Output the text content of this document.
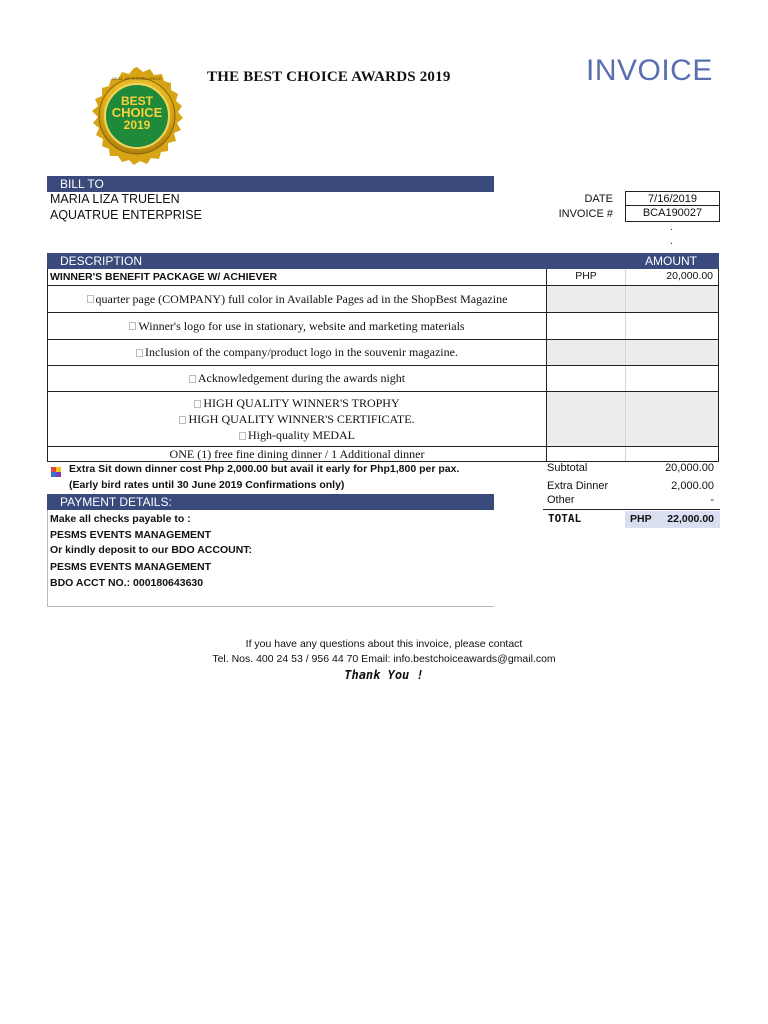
SEAL OF EXCELLENCE
BEST
CHOICE
2019
THE BEST CHOICE AWARDS 2019	INVOICE
BILL TO
MARIA LIZA TRUELEN
AQUATRUE ENTERPRISE
DATE	7/16/2019
INVOICE #	BCA190027
.
.
DESCRIPTION	AMOUNT
WINNER'S BENEFIT PACKAGE W/ ACHIEVER	PHP	20,000.00
quarter page (COMPANY) full color in Available Pages ad in the ShopBest Magazine
Winner's logo for use in stationary, website and marketing materials
Inclusion of the company/product logo in the souvenir magazine.
Acknowledgement during the awards night
HIGH QUALITY WINNER'S TROPHY
HIGH QUALITY WINNER'S CERTIFICATE.
High-quality MEDAL
ONE (1) free fine dining dinner / 1 Additional dinner
Extra Sit down dinner cost Php 2,000.00 but avail it early for Php1,800 per pax.
(Early bird rates until 30 June 2019 Confirmations only)
Subtotal	20,000.00
Extra Dinner	2,000.00
Other	-
TOTAL	PHP	22,000.00
PAYMENT DETAILS:
Make all checks payable to :
PESMS EVENTS MANAGEMENT
Or kindly deposit to our BDO ACCOUNT:
PESMS EVENTS MANAGEMENT
BDO ACCT NO.: 000180643630
If you have any questions about this invoice, please contact
Tel. Nos. 400 24 53 / 956 44 70 Email: info.bestchoiceawards@gmail.com
Thank You !
